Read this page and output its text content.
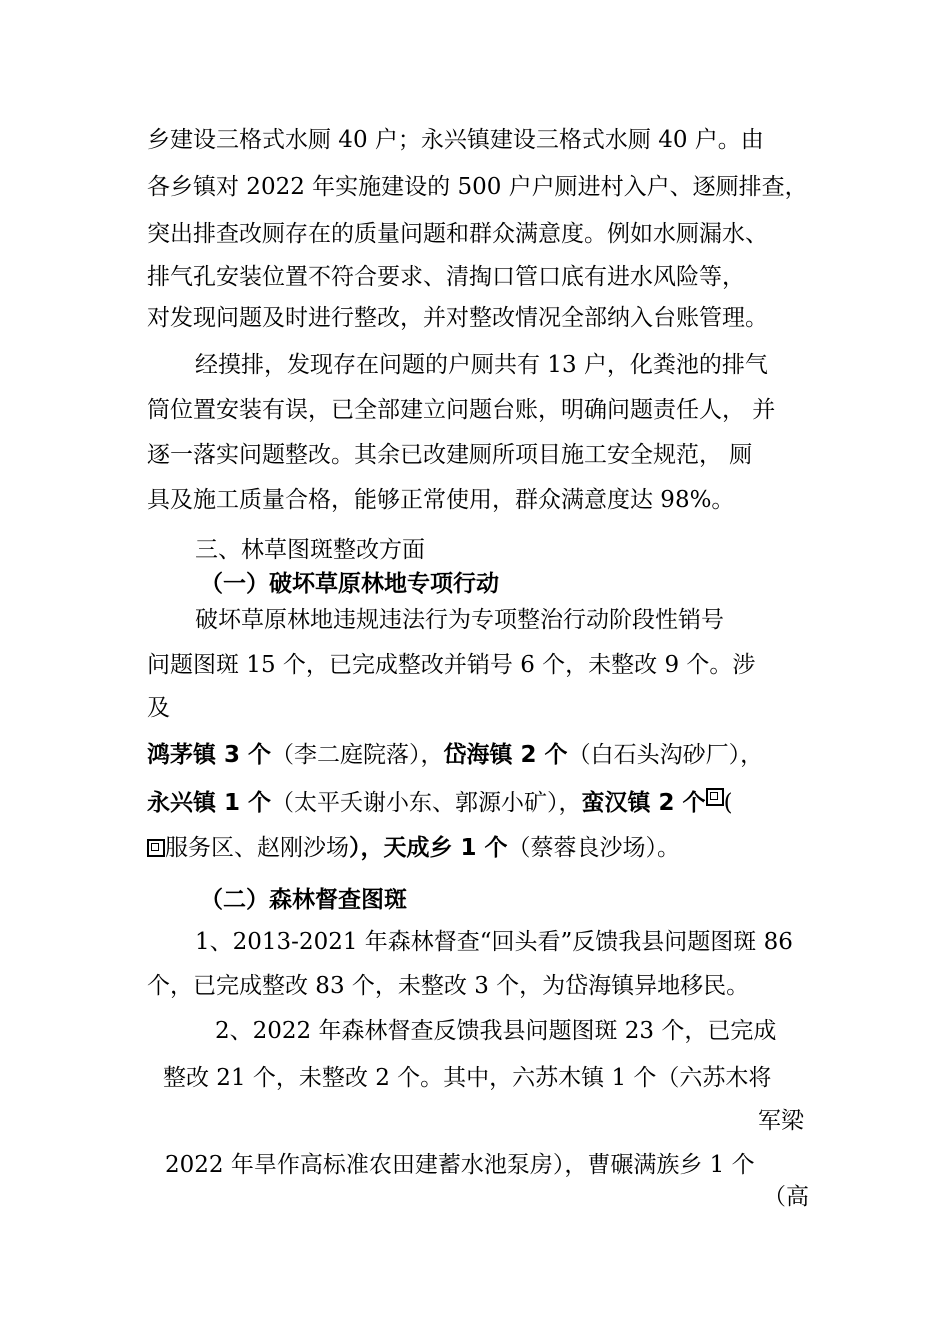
乡建设三格式水厕 40 户；永兴镇建设三格式水厕 40 户。由
各乡镇对 2022 年实施建设的 500 户户厕进村入户、逐厕排查，
突出排查改厕存在的质量问题和群众满意度。例如水厕漏水、
排气孔安装位置不符合要求、清掏口管口底有进水风险等，
对发现问题及时进行整改，并对整改情况全部纳入台账管理。
经摸排，发现存在问题的户厕共有 13 户，化粪池的排气
筒位置安装有误，已全部建立问题台账，明确问题责任人， 并
逐一落实问题整改。其余已改建厕所项目施工安全规范， 厕
具及施工质量合格，能够正常使用，群众满意度达 98%。
三、林草图斑整改方面
（一）破坏草原林地专项行动
破坏草原林地违规违法行为专项整治行动阶段性销号
问题图斑 15 个，已完成整改并销号 6 个，未整改 9 个。涉
及
鸿茅镇 3 个（李二庭院落），岱海镇 2 个（白石头沟砂厂），
永兴镇 1 个（太平夭谢小东、郭源小矿），蛮汉镇 2 个 (
服务区、赵刚沙场），天成乡 1 个（蔡蓉良沙场）。
（二）森林督查图斑
1、2013-2021 年森林督查“回头看”反馈我县问题图斑 86
个，已完成整改 83 个，未整改 3 个，为岱海镇异地移民。
2、2022 年森林督查反馈我县问题图斑 23 个，已完成
整改 21 个，未整改 2 个。其中，六苏木镇 1 个（六苏木将
军梁
2022 年旱作高标准农田建蓄水池泵房），曹碾满族乡 1 个
（高
